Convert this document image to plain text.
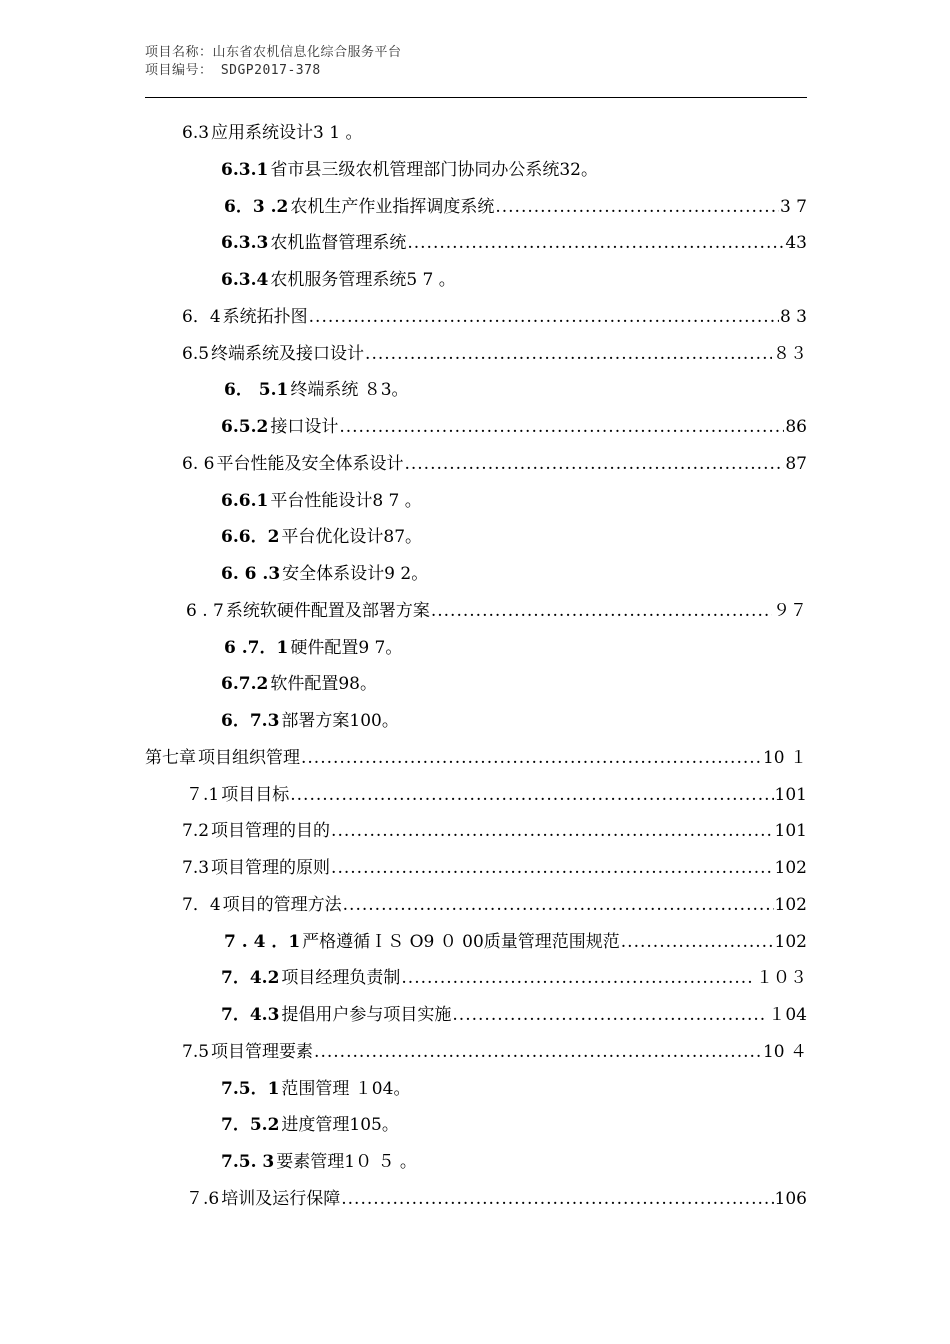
项目名称：山东省农机信息化综合服务平台
项目编号： SDGP2017-378
6.3 应用系统设计 3 1 。
6.3.1 省市县三级农机管理部门协同办公系统 32。
6．3 .2 农机生产作业指挥调度系统 .....	3 7
6.3.3 农机监督管理系统 .....	43
6.3.4 农机服务管理系统 5 7 。
6．4 系统拓扑图 .....	8 3
6.5 终端系统及接口设计 .....	８３
6． 5.1 终端系统 ８3。
6.5.2 接口设计 .....	86
6. 6 平台性能及安全体系设计 .....	87
6.6.1 平台性能设计 8 7 。
6.6．2 平台优化设计 87。
6. 6 .3 安全体系设计 9 2。
6 . 7 系统软硬件配置及部署方案 .....	９７
6 .7．1 硬件配置 9 7。
6.7.2 软件配置 98。
6．7.3 部署方案 100。
第七章 项目组织管理 .....	10 １
７.1 项目目标 .....	101
7.2 项目管理的目的 .....	101
7.3 项目管理的原则 .....	102
7．4 项目的管理方法 .....	102
7 . 4 ．1 严格遵循ＩＳ O9 ０ 00质量管理范围规范 .....	102
7．4.2 项目经理负责制 .....	１０３
7．4.3 提倡用户参与项目实施 .....	１04
7.5 项目管理要素 .....	10 ４
7.5．1 范围管理 １04。
7．5.2 进度管理 105。
7.5. 3 要素管理 1０ ５ 。
７.6 培训及运行保障 .....	106
